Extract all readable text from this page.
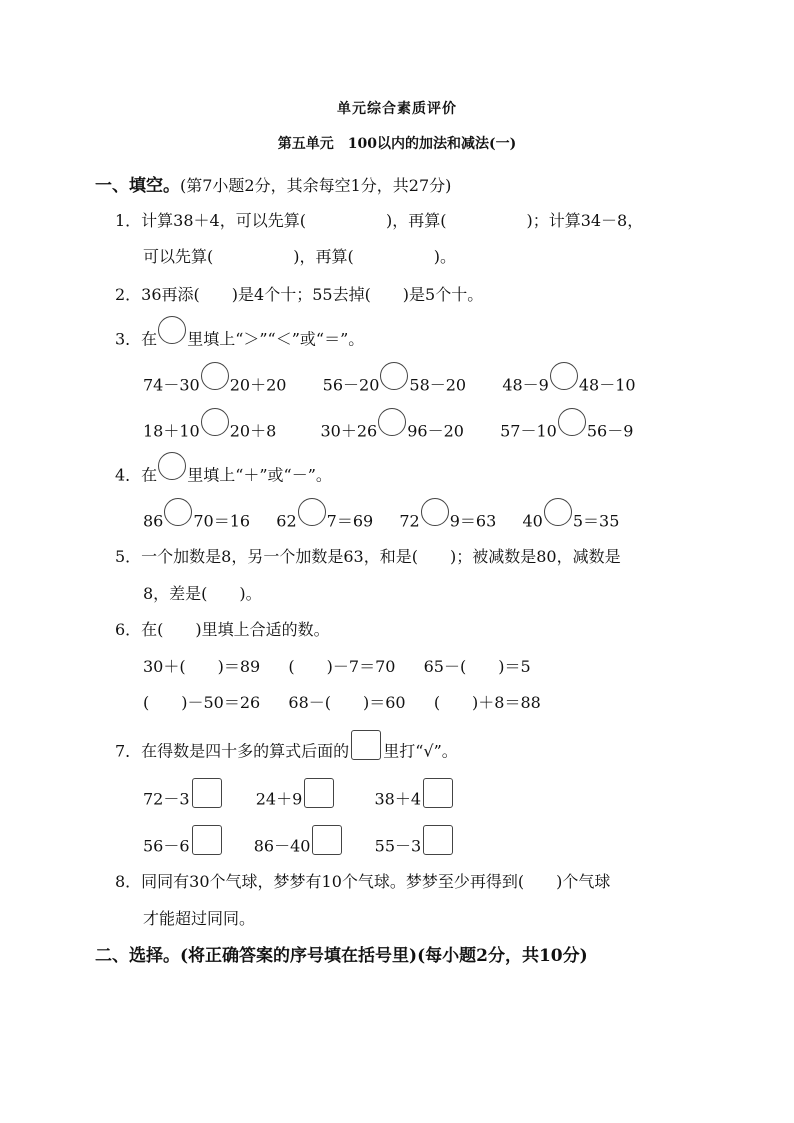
单元综合素质评价
第五单元　100以内的加法和减法(一)
一、填空。(第7小题2分，其余每空1分，共27分)
1．计算38＋4，可以先算(　　　　　)，再算(　　　　　)；计算34－8，
可以先算(　　　　　)，再算(　　　　　)。
2．36再添(　　)是4个十；55去掉(　　)是5个十。
3．在 里填上“＞”“＜”或“＝”。
74－30 20＋20 56－20 58－20 48－9 48－10
18＋10 20＋8	30＋26 96－20 57－10 56－9
4．在 里填上“＋”或“－”。
86 70＝16 62 7＝69 72 9＝63 40 5＝35
5．一个加数是8，另一个加数是63，和是(　　)；被减数是80，减数是
8，差是(　　)。
6．在(　　)里填上合适的数。
30＋(　　)＝89 (　　)－7＝70 65－(　　)＝5
(　　)－50＝26 68－(　　)＝60 (　　)＋8＝88
7．在得数是四十多的算式后面的 里打“√”。
72－3	24＋9	38＋4
56－6	86－40	55－3
8．同同有30个气球，梦梦有10个气球。梦梦至少再得到(　　)个气球
才能超过同同。
二、选择。(将正确答案的序号填在括号里)(每小题2分，共10分)
